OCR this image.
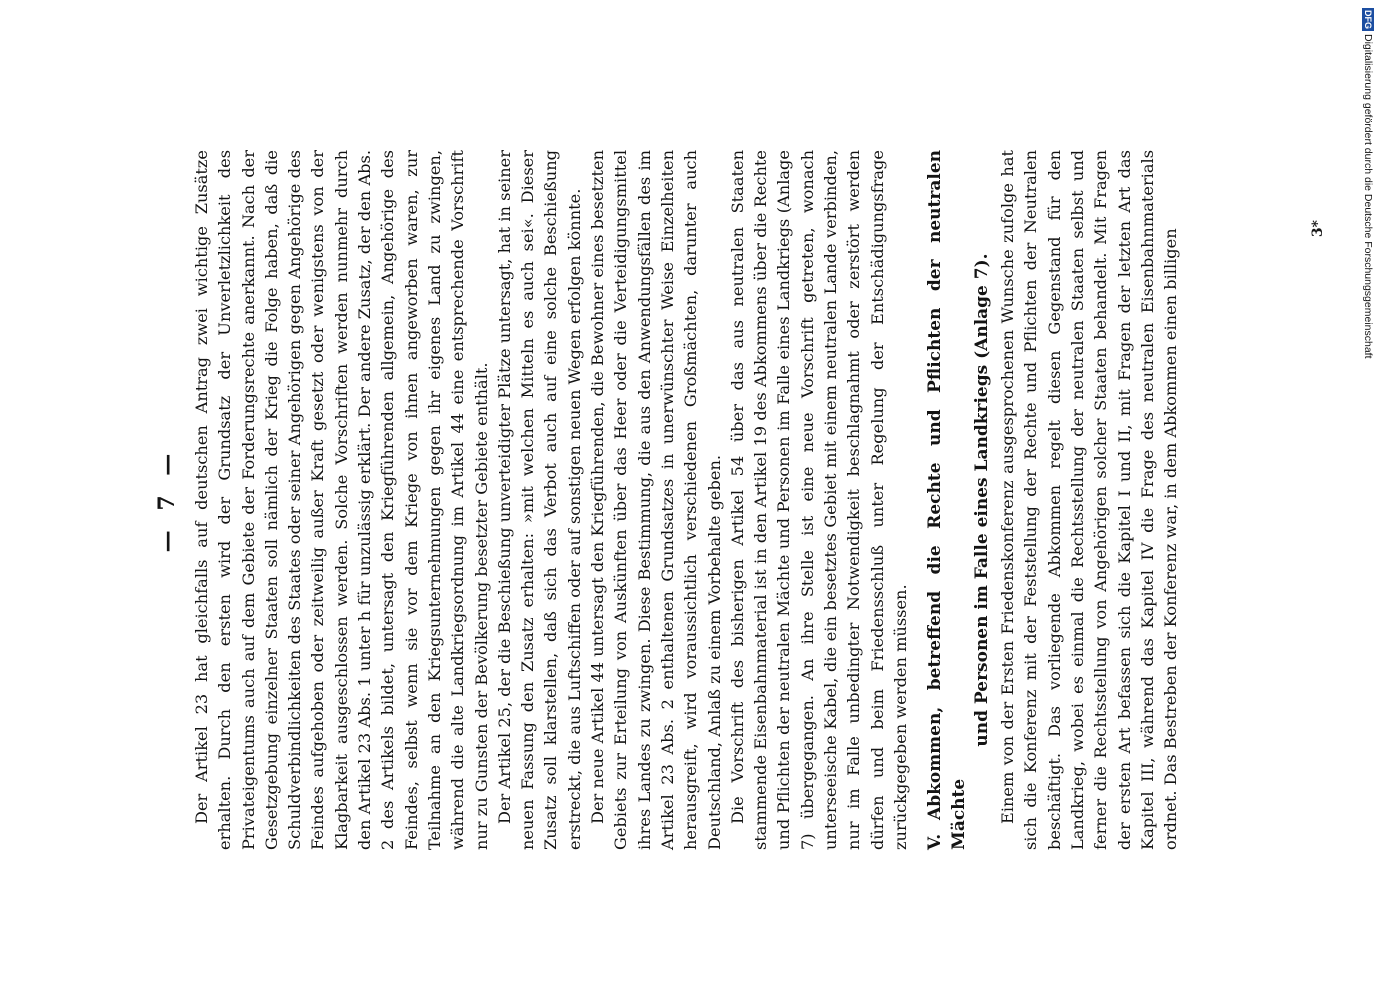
— 7 — Der Artikel 23 hat gleichfalls auf deutschen Antrag zwei wichtige Zusätze erhalten. Durch den ersten wird der Grundsatz der Unverletzlichkeit des Privateigentums auch auf dem Gebiete der Forderungsrechte anerkannt. Nach der Gesetzgebung einzelner Staaten soll nämlich der Krieg die Folge haben, daß die Schuldverbindlichkeiten des Staates oder seiner Angehörigen gegen Angehörige des Feindes aufgehoben oder zeitweilig außer Kraft gesetzt oder wenigstens von der Klagbarkeit ausgeschlossen werden. Solche Vorschriften werden nunmehr durch den Artikel 23 Abs. 1 unter h für unzulässig erklärt. Der andere Zusatz, der den Abs. 2 des Artikels bildet, untersagt den Kriegführenden allgemein, Angehörige des Feindes, selbst wenn sie vor dem Kriege von ihnen angeworben waren, zur Teilnahme an den Kriegsunternehmungen gegen ihr eigenes Land zu zwingen, während die alte Landkriegsordnung im Artikel 44 eine entsprechende Vorschrift nur zu Gunsten der Bevölkerung besetzter Gebiete enthält. Der Artikel 25, der die Beschießung unverteidigter Plätze untersagt, hat in seiner neuen Fassung den Zusatz erhalten: »mit welchen Mitteln es auch sei«. Dieser Zusatz soll klarstellen, daß sich das Verbot auch auf eine solche Beschießung erstreckt, die aus Luftschiffen oder auf sonstigen neuen Wegen erfolgen könnte. Der neue Artikel 44 untersagt den Kriegführenden, die Bewohner eines besetzten Gebiets zur Erteilung von Auskünften über das Heer oder die Verteidigungsmittel ihres Landes zu zwingen. Diese Bestimmung, die aus den Anwendungsfällen des im Artikel 23 Abs. 2 enthaltenen Grundsatzes in unerwünschter Weise Einzelheiten herausgreift, wird voraussichtlich verschiedenen Großmächten, darunter auch Deutschland, Anlaß zu einem Vorbehalte geben. Die Vorschrift des bisherigen Artikel 54 über das aus neutralen Staaten stammende Eisenbahnmaterial ist in den Artikel 19 des Abkommens über die Rechte und Pflichten der neutralen Mächte und Personen im Falle eines Landkriegs (Anlage 7) übergegangen. An ihre Stelle ist eine neue Vorschrift getreten, wonach unterseeische Kabel, die ein besetztes Gebiet mit einem neutralen Lande verbinden, nur im Falle unbedingter Notwendigkeit beschlagnahmt oder zerstört werden dürfen und beim Friedensschluß unter Regelung der Entschädigungsfrage zurückgegeben werden müssen. V.Abkommen, betreffend die Rechte und Pflichten der neutralen Mächte
und Personen im Falle eines Landkriegs (Anlage 7). Einem von der Ersten Friedenskonferenz ausgesprochenen Wunsche zufolge hat sich die Konferenz mit der Feststellung der Rechte und Pflichten der Neutralen beschäftigt. Das vorliegende Abkommen regelt diesen Gegenstand für den Landkrieg, wobei es einmal die Rechtsstellung der neutralen Staaten selbst und ferner die Rechtsstellung von Angehörigen solcher Staaten behandelt. Mit Fragen der ersten Art befassen sich die Kapitel I und II, mit Fragen der letzten Art das Kapitel III, während das Kapitel IV die Frage des neutralen Eisenbahnmaterials ordnet. Das Bestreben der Konferenz war, in dem Abkommen einen billigen	3*
DFG
Digitalisierung gefördert durch die Deutsche Forschungsgemeinschaft
